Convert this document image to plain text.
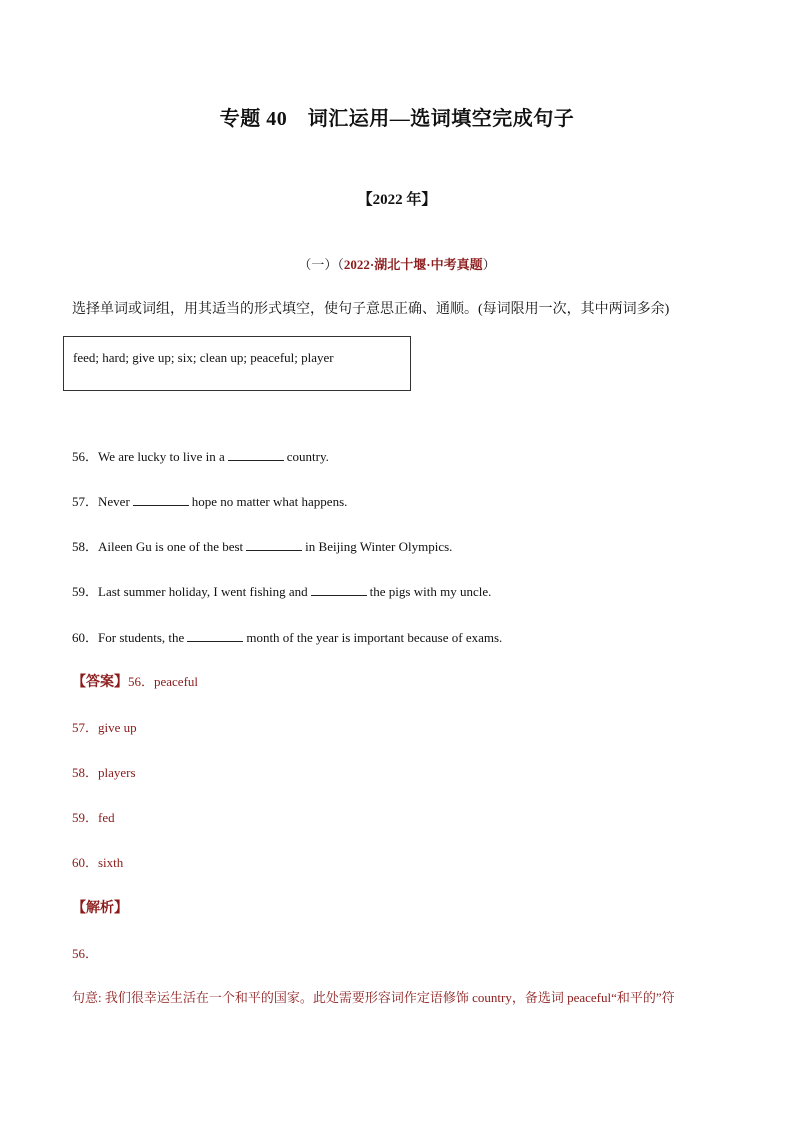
专题 40　词汇运用—选词填空完成句子
【2022 年】
（一）（2022·湖北十堰·中考真题）
选择单词或词组，用其适当的形式填空，使句子意思正确、通顺。(每词限用一次，其中两词多余)
feed; hard; give up; six; clean up; peaceful; player
56．We are lucky to live in a	country.
57．Never	hope no matter what happens.
58．Aileen Gu is one of the best	in Beijing Winter Olympics.
59．Last summer holiday, I went fishing and	the pigs with my uncle.
60．For students, the	month of the year is important because of exams.
【答案】56．peaceful
57．give up
58．players
59．fed
60．sixth
【解析】
56．
句意: 我们很幸运生活在一个和平的国家。此处需要形容词作定语修饰 country，备选词 peaceful“和平的”符
